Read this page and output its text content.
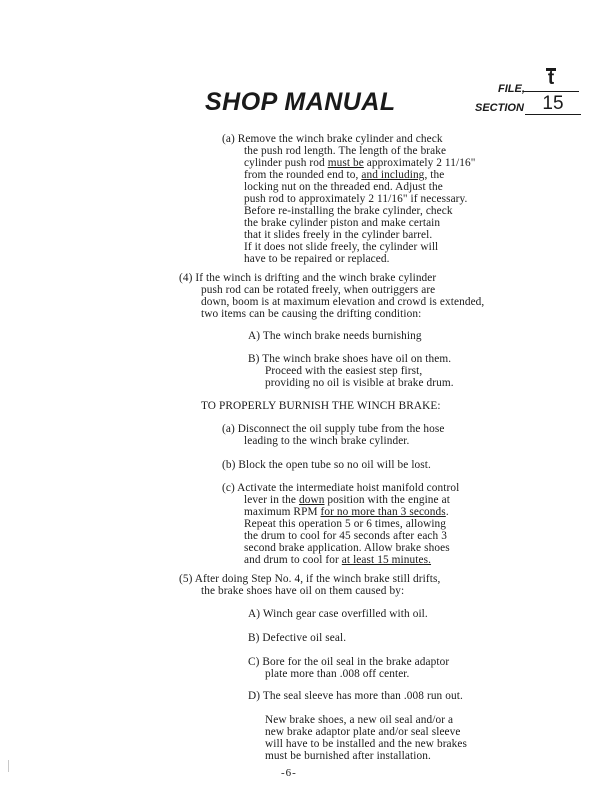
SHOP MANUAL	FILE,	t
SECTION 15
(a) Remove the winch brake cylinder and check
the push rod length. The length of the brake
cylinder push rod must be approximately 2 11/16"
from the rounded end to, and including, the
locking nut on the threaded end. Adjust the
push rod to approximately 2 11/16" if necessary.
Before re-installing the brake cylinder, check
the brake cylinder piston and make certain
that it slides freely in the cylinder barrel.
If it does not slide freely, the cylinder will
have to be repaired or replaced.
(4) If the winch is drifting and the winch brake cylinder
push rod can be rotated freely, when outriggers are
down, boom is at maximum elevation and crowd is extended,
two items can be causing the drifting condition:
A) The winch brake needs burnishing
B) The winch brake shoes have oil on them.
Proceed with the easiest step first,
providing no oil is visible at brake drum.
TO PROPERLY BURNISH THE WINCH BRAKE:
(a) Disconnect the oil supply tube from the hose
leading to the winch brake cylinder.
(b) Block the open tube so no oil will be lost.
(c) Activate the intermediate hoist manifold control
lever in the down position with the engine at
maximum RPM for no more than 3 seconds.
Repeat this operation 5 or 6 times, allowing
the drum to cool for 45 seconds after each 3
second brake application. Allow brake shoes
and drum to cool for at least 15 minutes.
(5) After doing Step No. 4, if the winch brake still drifts,
the brake shoes have oil on them caused by:
A) Winch gear case overfilled with oil.
B) Defective oil seal.
C) Bore for the oil seal in the brake adaptor
plate more than .008 off center.
D) The seal sleeve has more than .008 run out.
New brake shoes, a new oil seal and/or a
new brake adaptor plate and/or seal sleeve
will have to be installed and the new brakes
must be burnished after installation.
-6-
